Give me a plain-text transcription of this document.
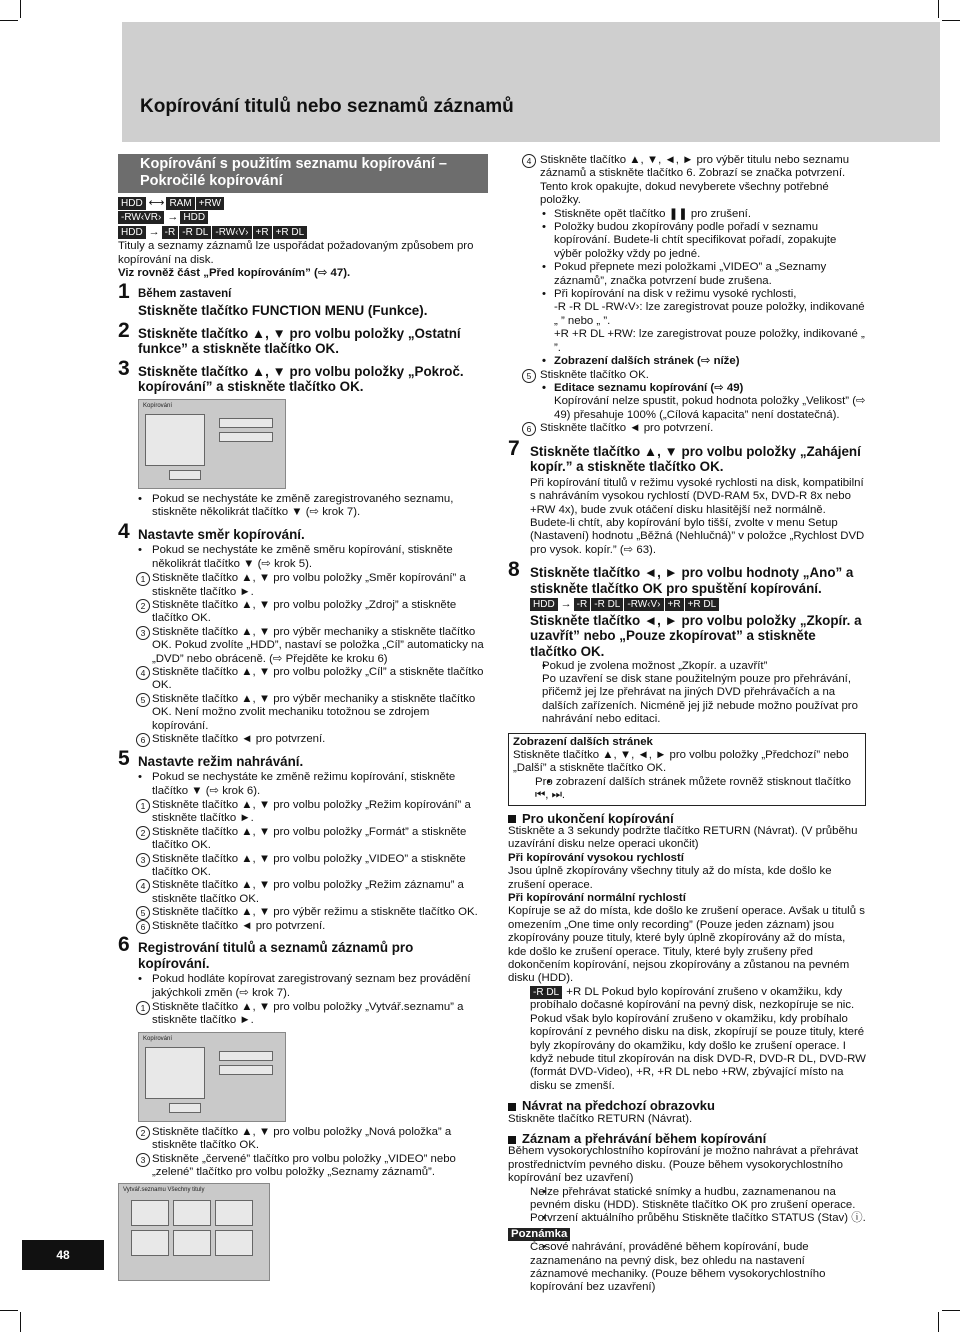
Kopírování titulů nebo seznamů záznamů
Kopírování s použitím seznamu kopírování – Pokročilé kopírování
HDD ⟷ RAM +RW
-RW‹VR› → HDD
HDD → -R -R DL -RW‹V› +R +R DL

Tituly a seznamy záznamů lze uspořádat požadovaným způsobem pro kopírování na disk.

Viz rovněž část „Před kopírováním” (⇨ 47).

1 Během zastavení
Stiskněte tlačítko FUNCTION MENU (Funkce).
2 Stiskněte tlačítko ▲, ▼ pro volbu položky „Ostatní funkce” a stiskněte tlačítko OK.
3 Stiskněte tlačítko ▲, ▼ pro volbu položky „Pokroč. kopírování” a stiskněte tlačítko OK.
Kopírování
• Pokud se nechystáte ke změně zaregistrovaného seznamu, stiskněte několikrát tlačítko ▼ (⇨ krok 7).
4 Nastavte směr kopírování.
• Pokud se nechystáte ke změně směru kopírování, stiskněte několikrát tlačítko ▼ (⇨ krok 5).
1 Stiskněte tlačítko ▲, ▼ pro volbu položky „Směr kopírování” a stiskněte tlačítko ►.
2 Stiskněte tlačítko ▲, ▼ pro volbu položky „Zdroj” a stiskněte tlačítko OK.
3 Stiskněte tlačítko ▲, ▼ pro výběr mechaniky a stiskněte tlačítko OK. Pokud zvolíte „HDD”, nastaví se položka „Cíl” automaticky na „DVD” nebo obráceně. (⇨ Přejděte ke kroku 6)
4 Stiskněte tlačítko ▲, ▼ pro volbu položky „Cíl” a stiskněte tlačítko OK.
5 Stiskněte tlačítko ▲, ▼ pro výběr mechaniky a stiskněte tlačítko OK. Není možno zvolit mechaniku totožnou se zdrojem kopírování.
6 Stiskněte tlačítko ◄ pro potvrzení.
5 Nastavte režim nahrávání.
• Pokud se nechystáte ke změně režimu kopírování, stiskněte tlačítko ▼ (⇨ krok 6).
1 Stiskněte tlačítko ▲, ▼ pro volbu položky „Režim kopírování” a stiskněte tlačítko ►.
2 Stiskněte tlačítko ▲, ▼ pro volbu položky „Formát” a stiskněte tlačítko OK.
3 Stiskněte tlačítko ▲, ▼ pro volbu položky „VIDEO” a stiskněte tlačítko OK.
4 Stiskněte tlačítko ▲, ▼ pro volbu položky „Režim záznamu” a stiskněte tlačítko OK.
5 Stiskněte tlačítko ▲, ▼ pro výběr režimu a stiskněte tlačítko OK.
6 Stiskněte tlačítko ◄ pro potvrzení.
6 Registrování titulů a seznamů záznamů pro kopírování.
• Pokud hodláte kopírovat zaregistrovaný seznam bez provádění jakýchkoli změn (⇨ krok 7).
1 Stiskněte tlačítko ▲, ▼ pro volbu položky „Vytvář.seznamu” a stiskněte tlačítko ►.
Kopírování
2 Stiskněte tlačítko ▲, ▼ pro volbu položky „Nová položka” a stiskněte tlačítko OK.
3 Stiskněte „červené” tlačítko pro volbu položky „VIDEO” nebo „zelené” tlačítko pro volbu položky „Seznamy záznamů”.
Vytvář.seznamu Všechny tituly
4 Stiskněte tlačítko ▲, ▼, ◄, ► pro výběr titulu nebo seznamu záznamů a stiskněte tlačítko 6. Zobrazí se značka potvrzení. Tento krok opakujte, dokud nevyberete všechny potřebné položky.
• Stiskněte opět tlačítko ❚❚ pro zrušení.
• Položky budou zkopírovány podle pořadí v seznamu kopírování. Budete-li chtít specifikovat pořadí, zopakujte výběr položky vždy po jedné.
• Pokud přepnete mezi položkami „VIDEO” a „Seznamy záznamů”, značka potvrzení bude zrušena.
• Při kopírování na disk v režimu vysoké rychlosti,
-R -R DL -RW‹V›: lze zaregistrovat pouze položky, indikované „ ” nebo „ ”.
+R +R DL +RW: lze zaregistrovat pouze položky, indikované „ ”.
• Zobrazení dalších stránek (⇨ níže)
5 Stiskněte tlačítko OK.
• Editace seznamu kopírování (⇨ 49)
Kopírování nelze spustit, pokud hodnota položky „Velikost” (⇨ 49) přesahuje 100% („Cílová kapacita” není dostatečná).
6 Stiskněte tlačítko ◄ pro potvrzení.
7 Stiskněte tlačítko ▲, ▼ pro volbu položky „Zahájení kopír.” a stiskněte tlačítko OK.

Při kopírování titulů v režimu vysoké rychlosti na disk, kompatibilní s nahráváním vysokou rychlostí (DVD-RAM 5x, DVD-R 8x nebo +RW 4x), bude zvuk otáčení disku hlasitější než normálně. Budete-li chtít, aby kopírování bylo tišší, zvolte v menu Setup (Nastavení) hodnotu „Běžná (Nehlučná)” v položce „Rychlost DVD pro vysok. kopír.” (⇨ 63).

8 Stiskněte tlačítko ◄, ► pro volbu hodnoty „Ano” a stiskněte tlačítko OK pro spuštění kopírování.
HDD → -R -R DL -RW‹V› +R +R DL
Stiskněte tlačítko ◄, ► pro volbu položky „Zkopír. a uzavřít” nebo „Pouze zkopírovat” a stiskněte tlačítko OK.
• Pokud je zvolena možnost „Zkopír. a uzavřít”
Po uzavření se disk stane použitelným pouze pro přehrávání, přičemž jej lze přehrávat na jiných DVD přehrávačích a na dalších zařízeních. Nicméně jej již nebude možno používat pro nahrávání nebo editaci.
Zobrazení dalších stránek
Stiskněte tlačítko ▲, ▼, ◄, ► pro volbu položky „Předchozí” nebo „Další” a stiskněte tlačítko OK.
• Pro zobrazení dalších stránek můžete rovněž stisknout tlačítko ⏮, ⏭.
Pro ukončení kopírování
Stiskněte a 3 sekundy podržte tlačítko RETURN (Návrat). (V průběhu uzavírání disku nelze operaci ukončit)
Při kopírování vysokou rychlostí
Jsou úplně zkopírovány všechny tituly až do místa, kde došlo ke zrušení operace.
Při kopírování normální rychlostí
Kopíruje se až do místa, kde došlo ke zrušení operace. Avšak u titulů s omezením „One time only recording” (Pouze jeden záznam) jsou zkopírovány pouze tituly, které byly úplně zkopírovány až do místa, kde došlo ke zrušení operace. Tituly, které byly zrušeny před dokončením kopírování, nejsou zkopírovány a zůstanou na pevném disku (HDD).
• -R DL +R DL Pokud bylo kopírování zrušeno v okamžiku, kdy probíhalo dočasné kopírování na pevný disk, nezkopíruje se nic. Pokud však bylo kopírování zrušeno v okamžiku, kdy probíhalo kopírování z pevného disku na disk, zkopírují se pouze tituly, které byly zkopírovány do okamžiku, kdy došlo ke zrušení operace. I když nebude titul zkopírován na disk DVD-R, DVD-R DL, DVD-RW (formát DVD-Video), +R, +R DL nebo +RW, zbývající místo na disku se zmenší.
Návrat na předchozí obrazovku
Stiskněte tlačítko RETURN (Návrat).
Záznam a přehrávání během kopírování
Během vysokorychlostního kopírování je možno nahrávat a přehrávat prostřednictvím pevného disku. (Pouze během vysokorychlostního kopírování bez uzavření)
• Nelze přehrávat statické snímky a hudbu, zaznamenanou na pevném disku (HDD). Stiskněte tlačítko OK pro zrušení operace.
• Potvrzení aktuálního průběhu Stiskněte tlačítko STATUS (Stav) ⓘ.
Poznámka
• Časové nahrávání, prováděné během kopírování, bude zaznamenáno na pevný disk, bez ohledu na nastavení záznamové mechaniky. (Pouze během vysokorychlostního kopírování bez uzavření)
48
